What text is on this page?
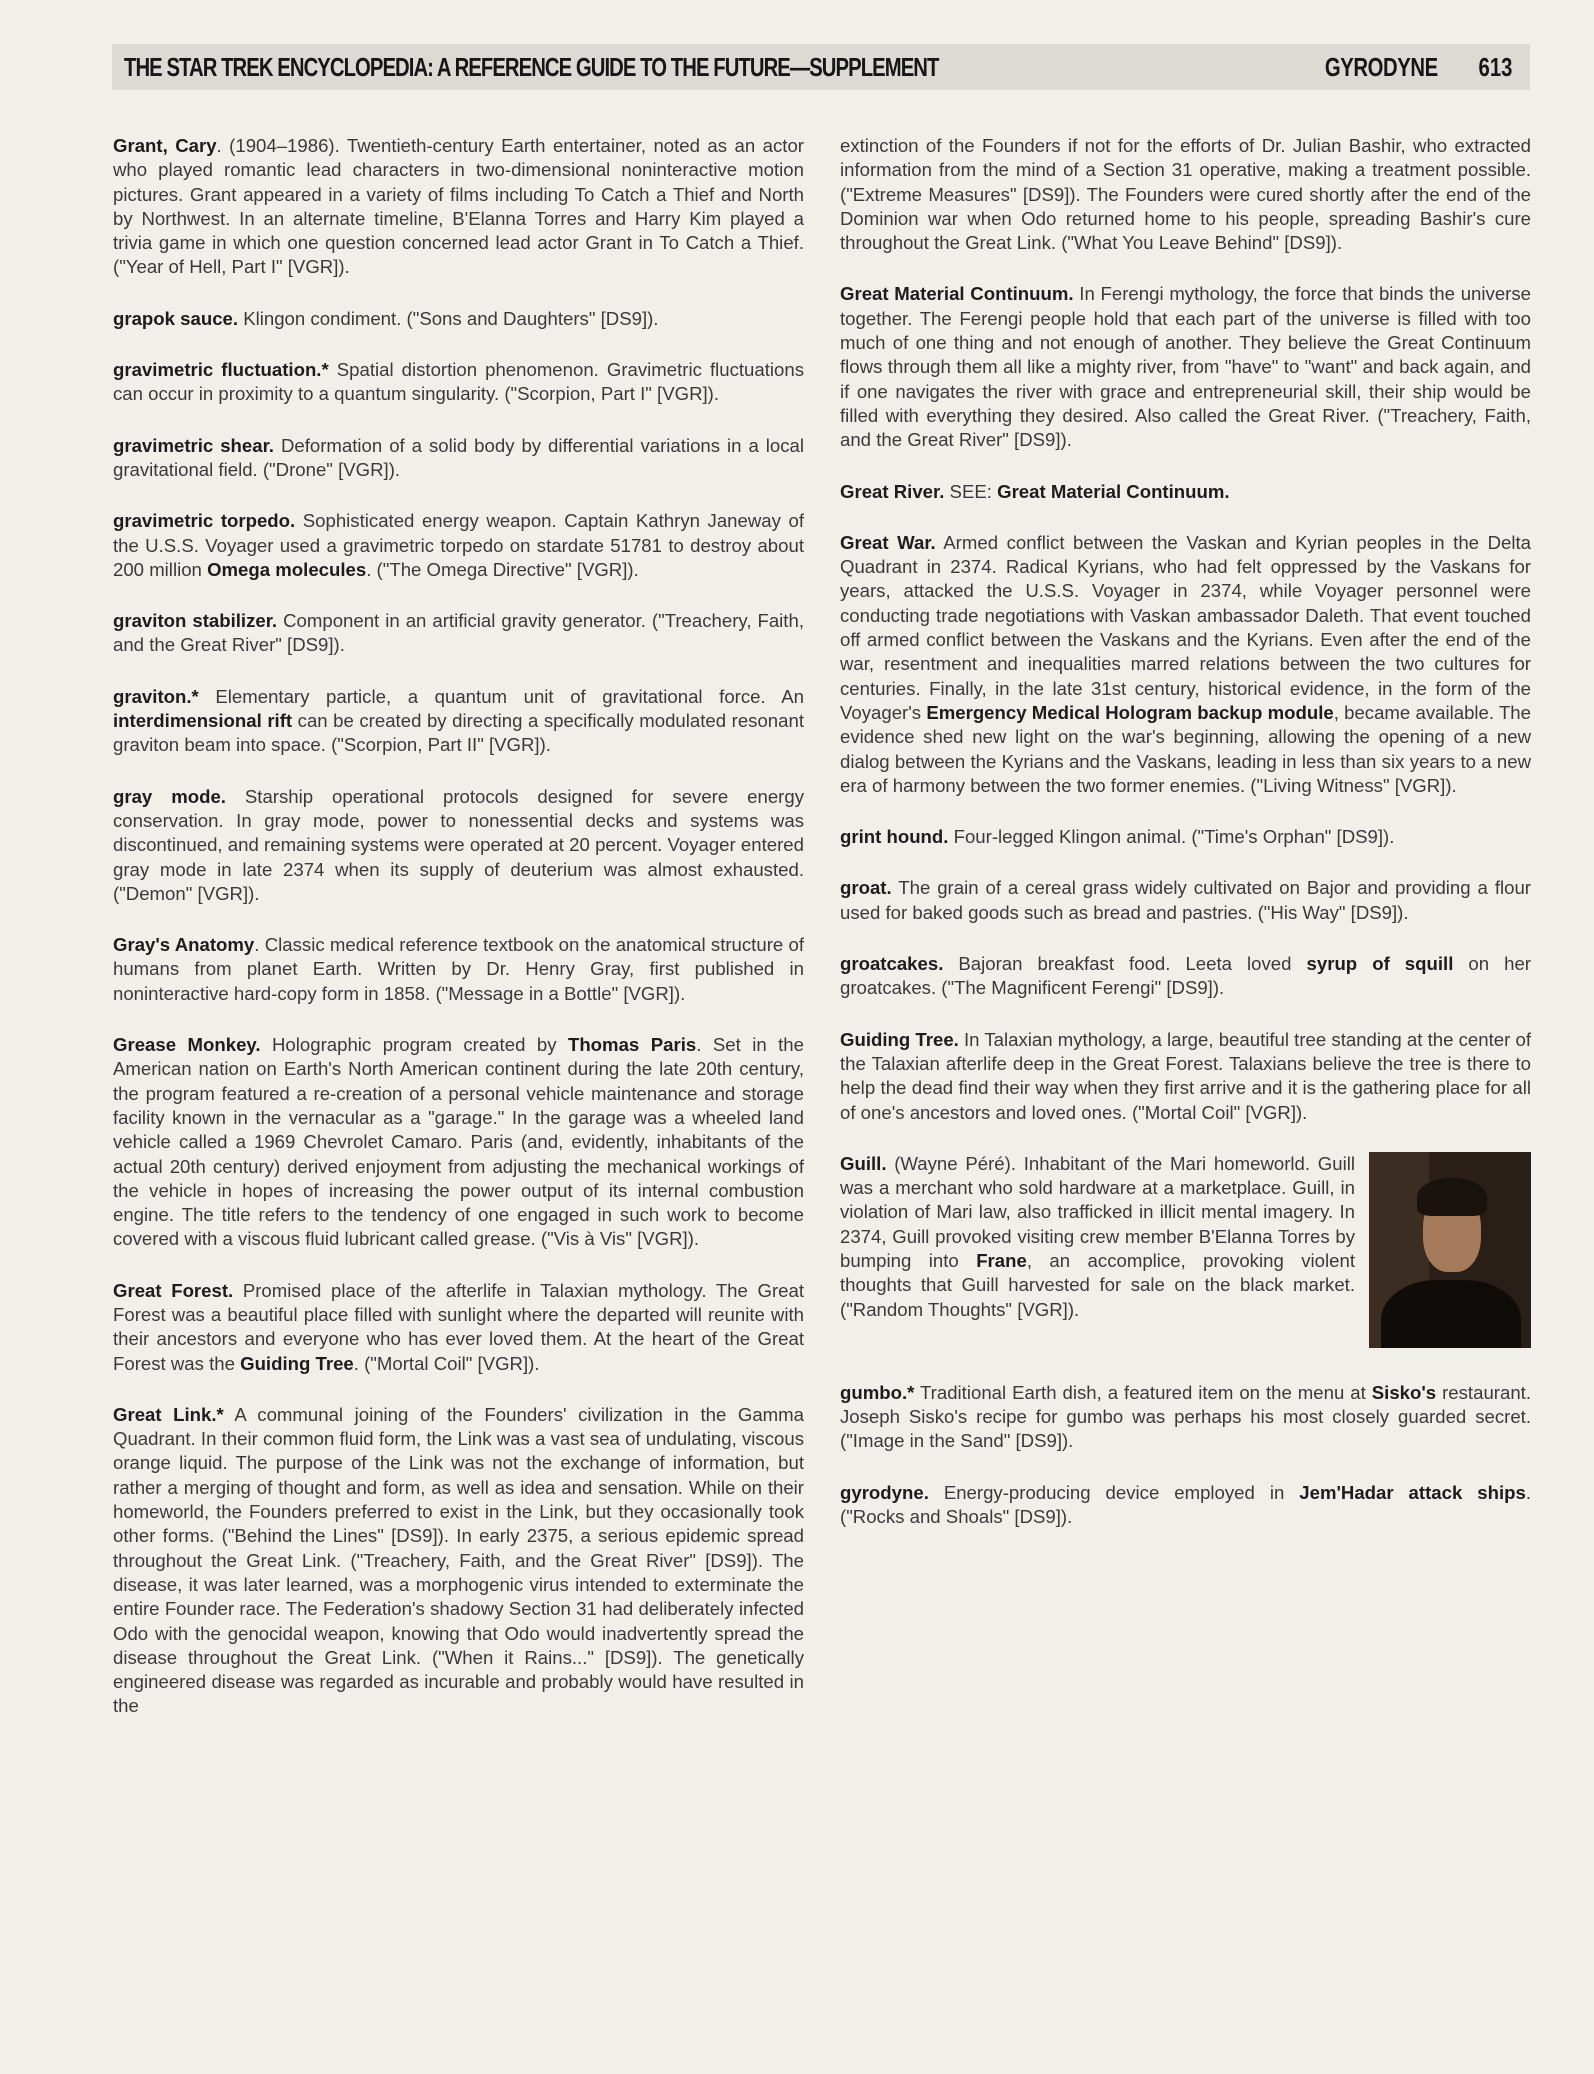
THE STAR TREK ENCYCLOPEDIA: A REFERENCE GUIDE TO THE FUTURE—SUPPLEMENT	GYRODYNE 613

Grant, Cary. (1904–1986). Twentieth-century Earth entertainer, noted as an actor who played romantic lead characters in two-dimensional noninteractive motion pictures. Grant appeared in a variety of films including To Catch a Thief and North by Northwest. In an alternate timeline, B'Elanna Torres and Harry Kim played a trivia game in which one question concerned lead actor Grant in To Catch a Thief. ("Year of Hell, Part I" [VGR]).

grapok sauce. Klingon condiment. ("Sons and Daughters" [DS9]).

gravimetric fluctuation.* Spatial distortion phenomenon. Gravimetric fluctuations can occur in proximity to a quantum singularity. ("Scorpion, Part I" [VGR]).

gravimetric shear. Deformation of a solid body by differential variations in a local gravitational field. ("Drone" [VGR]).

gravimetric torpedo. Sophisticated energy weapon. Captain Kathryn Janeway of the U.S.S. Voyager used a gravimetric torpedo on stardate 51781 to destroy about 200 million Omega molecules. ("The Omega Directive" [VGR]).

graviton stabilizer. Component in an artificial gravity generator. ("Treachery, Faith, and the Great River" [DS9]).

graviton.* Elementary particle, a quantum unit of gravitational force. An interdimensional rift can be created by directing a specifically modulated resonant graviton beam into space. ("Scorpion, Part II" [VGR]).

gray mode. Starship operational protocols designed for severe energy conservation. In gray mode, power to nonessential decks and systems was discontinued, and remaining systems were operated at 20 percent. Voyager entered gray mode in late 2374 when its supply of deuterium was almost exhausted. ("Demon" [VGR]).

Gray's Anatomy. Classic medical reference textbook on the anatomical structure of humans from planet Earth. Written by Dr. Henry Gray, first published in noninteractive hard-copy form in 1858. ("Message in a Bottle" [VGR]).

Grease Monkey. Holographic program created by Thomas Paris. Set in the American nation on Earth's North American continent during the late 20th century, the program featured a re-creation of a personal vehicle maintenance and storage facility known in the vernacular as a "garage." In the garage was a wheeled land vehicle called a 1969 Chevrolet Camaro. Paris (and, evidently, inhabitants of the actual 20th century) derived enjoyment from adjusting the mechanical workings of the vehicle in hopes of increasing the power output of its internal combustion engine. The title refers to the tendency of one engaged in such work to become covered with a viscous fluid lubricant called grease. ("Vis à Vis" [VGR]).

Great Forest. Promised place of the afterlife in Talaxian mythology. The Great Forest was a beautiful place filled with sunlight where the departed will reunite with their ancestors and everyone who has ever loved them. At the heart of the Great Forest was the Guiding Tree. ("Mortal Coil" [VGR]).

Great Link.* A communal joining of the Founders' civilization in the Gamma Quadrant. In their common fluid form, the Link was a vast sea of undulating, viscous orange liquid. The purpose of the Link was not the exchange of information, but rather a merging of thought and form, as well as idea and sensation. While on their homeworld, the Founders preferred to exist in the Link, but they occasionally took other forms. ("Behind the Lines" [DS9]). In early 2375, a serious epidemic spread throughout the Great Link. ("Treachery, Faith, and the Great River" [DS9]). The disease, it was later learned, was a morphogenic virus intended to exterminate the entire Founder race. The Federation's shadowy Section 31 had deliberately infected Odo with the genocidal weapon, knowing that Odo would inadvertently spread the disease throughout the Great Link. ("When it Rains..." [DS9]). The genetically engineered disease was regarded as incurable and probably would have resulted in the

extinction of the Founders if not for the efforts of Dr. Julian Bashir, who extracted information from the mind of a Section 31 operative, making a treatment possible. ("Extreme Measures" [DS9]). The Founders were cured shortly after the end of the Dominion war when Odo returned home to his people, spreading Bashir's cure throughout the Great Link. ("What You Leave Behind" [DS9]).

Great Material Continuum. In Ferengi mythology, the force that binds the universe together. The Ferengi people hold that each part of the universe is filled with too much of one thing and not enough of another. They believe the Great Continuum flows through them all like a mighty river, from "have" to "want" and back again, and if one navigates the river with grace and entrepreneurial skill, their ship would be filled with everything they desired. Also called the Great River. ("Treachery, Faith, and the Great River" [DS9]).

Great River. SEE: Great Material Continuum.

Great War. Armed conflict between the Vaskan and Kyrian peoples in the Delta Quadrant in 2374. Radical Kyrians, who had felt oppressed by the Vaskans for years, attacked the U.S.S. Voyager in 2374, while Voyager personnel were conducting trade negotiations with Vaskan ambassador Daleth. That event touched off armed conflict between the Vaskans and the Kyrians. Even after the end of the war, resentment and inequalities marred relations between the two cultures for centuries. Finally, in the late 31st century, historical evidence, in the form of the Voyager's Emergency Medical Hologram backup module, became available. The evidence shed new light on the war's beginning, allowing the opening of a new dialog between the Kyrians and the Vaskans, leading in less than six years to a new era of harmony between the two former enemies. ("Living Witness" [VGR]).

grint hound. Four-legged Klingon animal. ("Time's Orphan" [DS9]).

groat. The grain of a cereal grass widely cultivated on Bajor and providing a flour used for baked goods such as bread and pastries. ("His Way" [DS9]).

groatcakes. Bajoran breakfast food. Leeta loved syrup of squill on her groatcakes. ("The Magnificent Ferengi" [DS9]).

Guiding Tree. In Talaxian mythology, a large, beautiful tree standing at the center of the Talaxian afterlife deep in the Great Forest. Talaxians believe the tree is there to help the dead find their way when they first arrive and it is the gathering place for all of one's ancestors and loved ones. ("Mortal Coil" [VGR]).

Guill. (Wayne Péré). Inhabitant of the Mari homeworld. Guill was a merchant who sold hardware at a marketplace. Guill, in violation of Mari law, also trafficked in illicit mental imagery. In 2374, Guill provoked visiting crew member B'Elanna Torres by bumping into Frane, an accomplice, provoking violent thoughts that Guill harvested for sale on the black market. ("Random Thoughts" [VGR]).

gumbo.* Traditional Earth dish, a featured item on the menu at Sisko's restaurant. Joseph Sisko's recipe for gumbo was perhaps his most closely guarded secret. ("Image in the Sand" [DS9]).

gyrodyne. Energy-producing device employed in Jem'Hadar attack ships. ("Rocks and Shoals" [DS9]).
